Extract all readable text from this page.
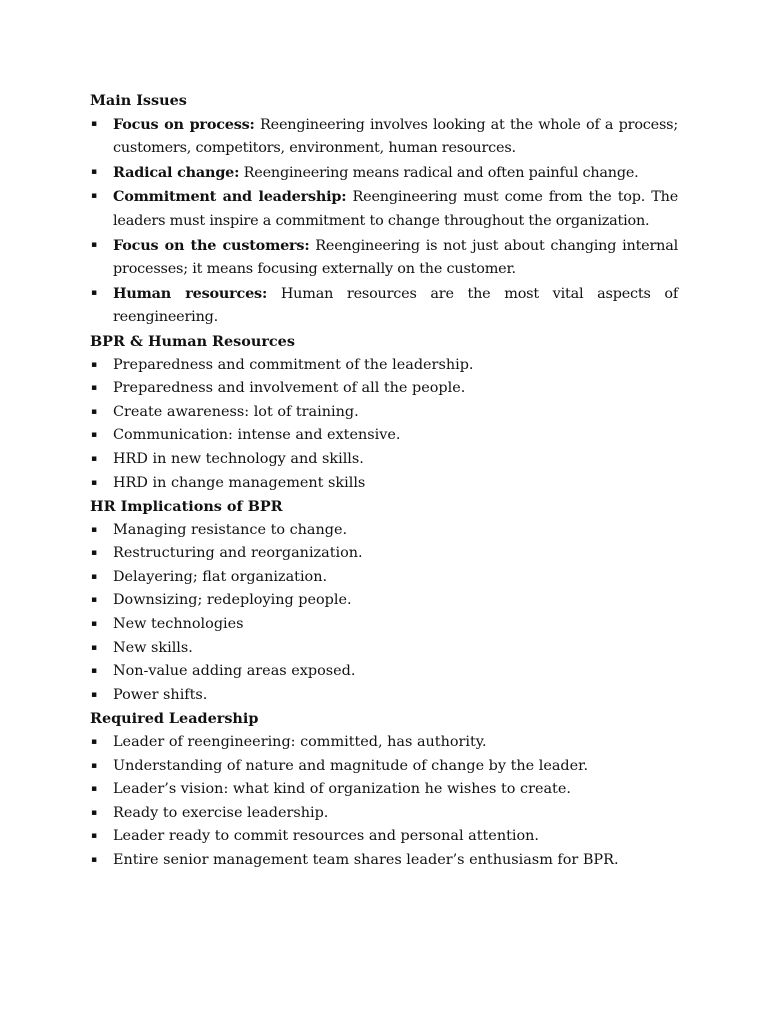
Main Issues
▪ Focus on process: Reengineering involves looking at the whole of a process; customers, competitors, environment, human resources.
▪ Radical change: Reengineering means radical and often painful change.
▪ Commitment and leadership: Reengineering must come from the top. The leaders must inspire a commitment to change throughout the organization.
▪ Focus on the customers: Reengineering is not just about changing internal processes; it means focusing externally on the customer.
▪ Human resources: Human resources are the most vital aspects of reengineering.
BPR & Human Resources
▪ Preparedness and commitment of the leadership.
▪ Preparedness and involvement of all the people.
▪ Create awareness: lot of training.
▪ Communication: intense and extensive.
▪ HRD in new technology and skills.
▪ HRD in change management skills
HR Implications of BPR
▪ Managing resistance to change.
▪ Restructuring and reorganization.
▪ Delayering; flat organization.
▪ Downsizing; redeploying people.
▪ New technologies
▪ New skills.
▪ Non-value adding areas exposed.
▪ Power shifts.
Required Leadership
▪ Leader of reengineering: committed, has authority.
▪ Understanding of nature and magnitude of change by the leader.
▪ Leader’s vision: what kind of organization he wishes to create.
▪ Ready to exercise leadership.
▪ Leader ready to commit resources and personal attention.
▪ Entire senior management team shares leader’s enthusiasm for BPR.
